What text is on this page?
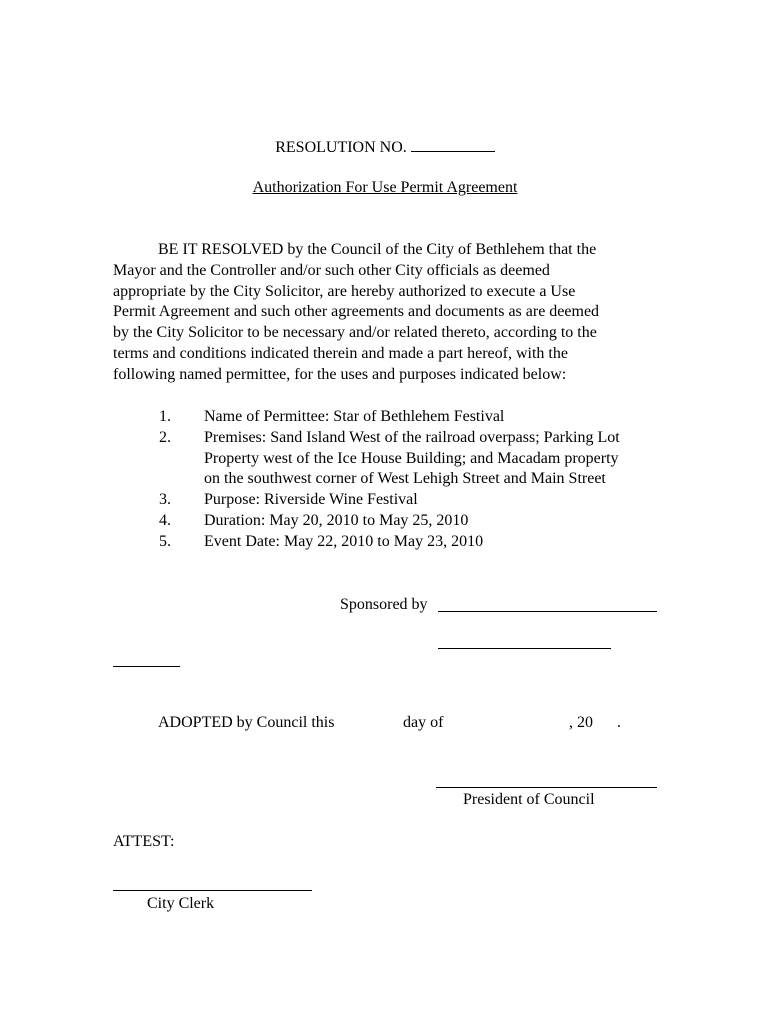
RESOLUTION NO.
Authorization For Use Permit Agreement
BE IT RESOLVED by the Council of the City of Bethlehem that the
Mayor and the Controller and/or such other City officials as deemed
appropriate by the City Solicitor, are hereby authorized to execute a Use
Permit Agreement and such other agreements and documents as are deemed
by the City Solicitor to be necessary and/or related thereto, according to the
terms and conditions indicated therein and made a part hereof, with the
following named permittee, for the uses and purposes indicated below:
1.	Name of Permittee: Star of Bethlehem Festival
2.	Premises: Sand Island West of the railroad overpass; Parking Lot
Property west of the Ice House Building; and Macadam property
on the southwest corner of West Lehigh Street and Main Street
3.	Purpose: Riverside Wine Festival
4.	Duration: May 20, 2010 to May 25, 2010
5.	Event Date: May 22, 2010 to May 23, 2010
Sponsored by
ADOPTED by Council this	day of	, 20 .
President of Council
ATTEST:
City Clerk
